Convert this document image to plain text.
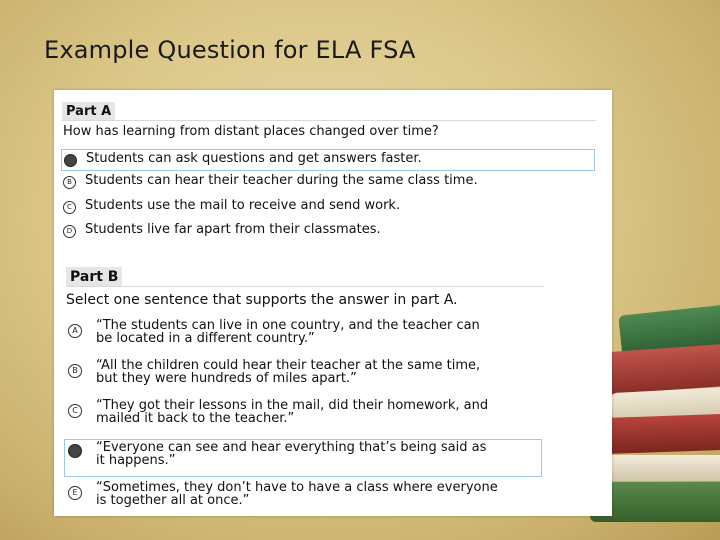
Example Question for ELA FSA
Part A
How has learning from distant places changed over time?
A	Students can ask questions and get answers faster.
B	Students can hear their teacher during the same class time.
C	Students use the mail to receive and send work.
D Students live far apart from their classmates.
Part B
Select one sentence that supports the answer in part A.
A	“The students can live in one country, and the teacher can
be located in a different country.”
B	“All the children could hear their teacher at the same time,
but they were hundreds of miles apart.”
C	“They got their lessons in the mail, did their homework, and
mailed it back to the teacher.”
D	“Everyone can see and hear everything that’s being said as
it happens.”
E	“Sometimes, they don’t have to have a class where everyone
is together all at once.”
